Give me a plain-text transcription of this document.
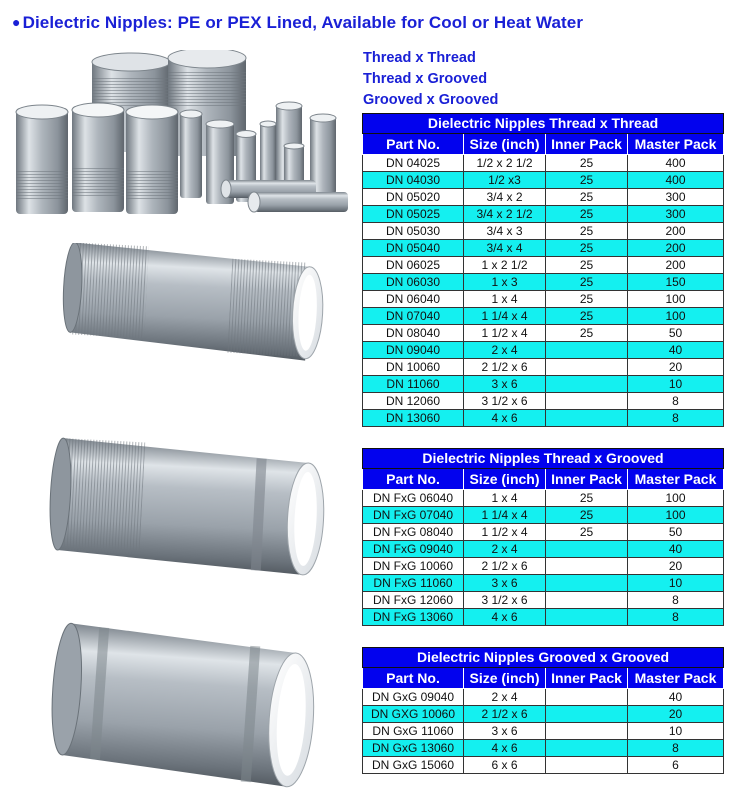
● Dielectric Nipples: PE or PEX Lined, Available for Cool or Heat Water
Thread x Thread
Thread x Grooved
Grooved x Grooved
Dielectric Nipples Thread x Thread			
Part No.	Size (inch)	Inner Pack	Master Pack
DN 04025	1/2 x 2 1/2	25	400
DN 04030	1/2 x3	25	400
DN 05020	3/4 x 2	25	300
DN 05025	3/4 x 2 1/2	25	300
DN 05030	3/4 x 3	25	200
DN 05040	3/4 x 4	25	200
DN 06025	1 x 2 1/2	25	200
DN 06030	1 x 3	25	150
DN 06040	1 x 4	25	100
DN 07040	1 1/4 x 4	25	100
DN 08040	1 1/2 x 4	25	50
DN 09040	2 x 4		40
DN 10060	2 1/2 x 6		20
DN 11060	3 x 6		10
DN 12060	3 1/2 x 6		8
DN 13060	4 x 6		8
Dielectric Nipples Thread x Grooved			
Part No.	Size (inch)	Inner Pack	Master Pack
DN FxG 06040	1 x 4	25	100
DN FxG 07040	1 1/4 x 4	25	100
DN FxG 08040	1 1/2 x 4	25	50
DN FxG 09040	2 x 4		40
DN FxG 10060	2 1/2 x 6		20
DN FxG 11060	3 x 6		10
DN FxG 12060	3 1/2 x 6		8
DN FxG 13060	4 x 6		8
Dielectric Nipples Grooved x Grooved			
Part No.	Size (inch)	Inner Pack	Master Pack
DN GxG 09040	2 x 4		40
DN GXG 10060	2 1/2 x 6		20
DN GxG 11060	3 x 6		10
DN GxG 13060	4 x 6		8
DN GxG 15060	6 x 6		6
